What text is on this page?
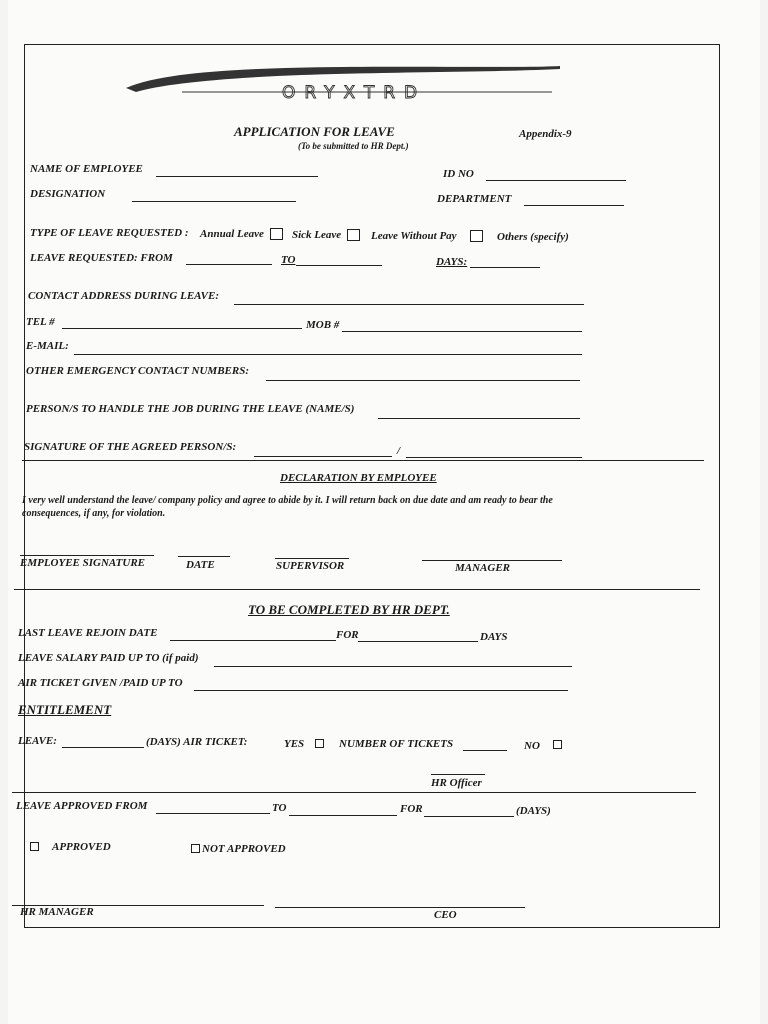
ORYXTRD
APPLICATION FOR LEAVE
(To be submitted to HR Dept.)
Appendix-9
NAME OF EMPLOYEE	ID NO
DESIGNATION	DEPARTMENT
TYPE OF LEAVE REQUESTED : Annual Leave	Sick Leave	Leave Without Pay	Others (specify)
LEAVE REQUESTED: FROM	TO	DAYS:
CONTACT ADDRESS DURING LEAVE:
TEL #	MOB #
E-MAIL:
OTHER EMERGENCY CONTACT NUMBERS:
PERSON/S TO HANDLE THE JOB DURING THE LEAVE (NAME/S)
SIGNATURE OF THE AGREED PERSON/S:	/
DECLARATION BY EMPLOYEE
I very well understand the leave/ company policy and agree to abide by it. I will return back on due date and am ready to bear the
consequences, if any, for violation.
EMPLOYEE SIGNATURE	DATE	SUPERVISOR	MANAGER
TO BE COMPLETED BY HR DEPT.
LAST LEAVE REJOIN DATE	FOR	DAYS
LEAVE SALARY PAID UP TO (if paid)
AIR TICKET GIVEN /PAID UP TO
ENTITLEMENT
LEAVE:	(DAYS) AIR TICKET:	YES	NUMBER OF TICKETS	NO
HR Officer
LEAVE APPROVED FROM	TO	FOR	(DAYS)
APPROVED	NOT APPROVED
HR MANAGER	CEO
